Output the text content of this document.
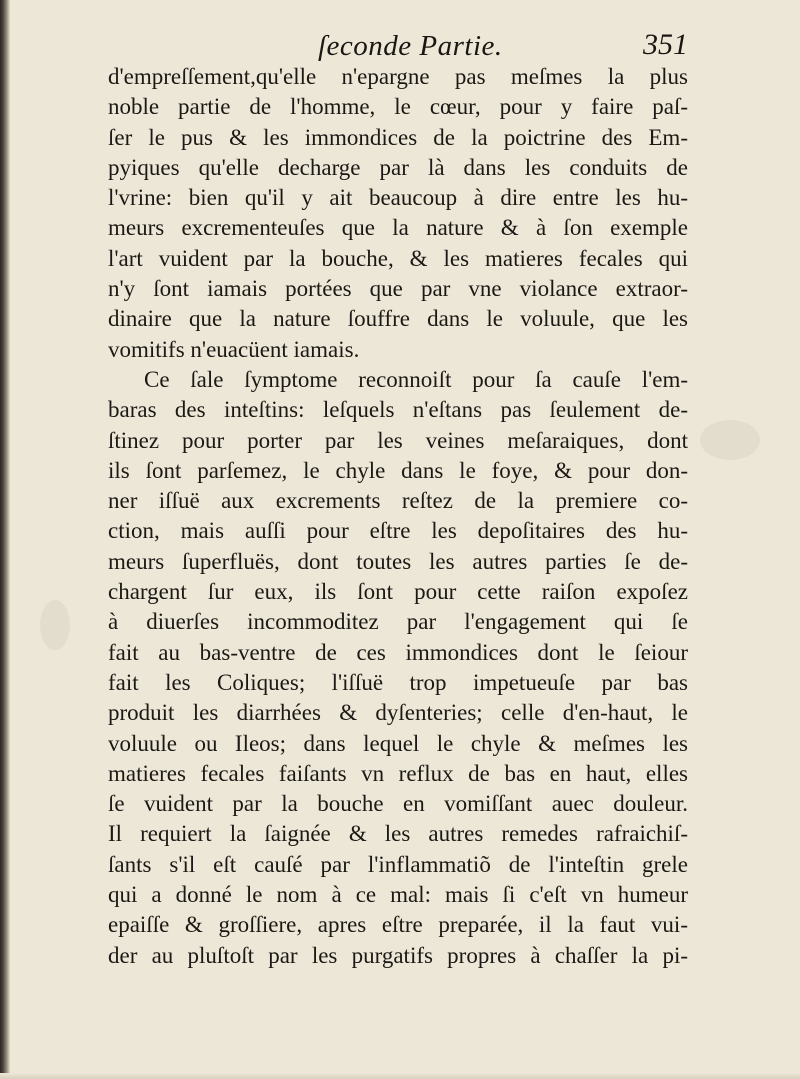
ſeconde Partie.	351
d'empreſſement,qu'elle n'epargne pas meſmes la plus
noble partie de l'homme, le cœur, pour y faire paſ-
ſer le pus & les immondices de la poictrine des Em-
pyiques qu'elle decharge par là dans les conduits de
l'vrine: bien qu'il y ait beaucoup à dire entre les hu-
meurs excrementeuſes que la nature & à ſon exemple
l'art vuident par la bouche, & les matieres fecales qui
n'y ſont iamais portées que par vne violance extraor-
dinaire que la nature ſouffre dans le voluule, que les
vomitifs n'euacüent iamais.
Ce ſale ſymptome reconnoiſt pour ſa cauſe l'em-
baras des inteſtins: leſquels n'eſtans pas ſeulement de-
ſtinez pour porter par les veines meſaraiques, dont
ils ſont parſemez, le chyle dans le foye, & pour don-
ner iſſuë aux excrements reſtez de la premiere co-
ction, mais auſſi pour eſtre les depoſitaires des hu-
meurs ſuperfluës, dont toutes les autres parties ſe de-
chargent ſur eux, ils ſont pour cette raiſon expoſez
à diuerſes incommoditez par l'engagement qui ſe
fait au bas-ventre de ces immondices dont le ſeiour
fait les Coliques; l'iſſuë trop impetueuſe par bas
produit les diarrhées & dyſenteries; celle d'en-haut, le
voluule ou Ileos; dans lequel le chyle & meſmes les
matieres fecales faiſants vn reflux de bas en haut, elles
ſe vuident par la bouche en vomiſſant auec douleur.
Il requiert la ſaignée & les autres remedes rafraichiſ-
ſants s'il eſt cauſé par l'inflammatiõ de l'inteſtin grele
qui a donné le nom à ce mal: mais ſi c'eſt vn humeur
epaiſſe & groſſiere, apres eſtre preparée, il la faut vui-
der au pluſtoſt par les purgatifs propres à chaſſer la pi-
